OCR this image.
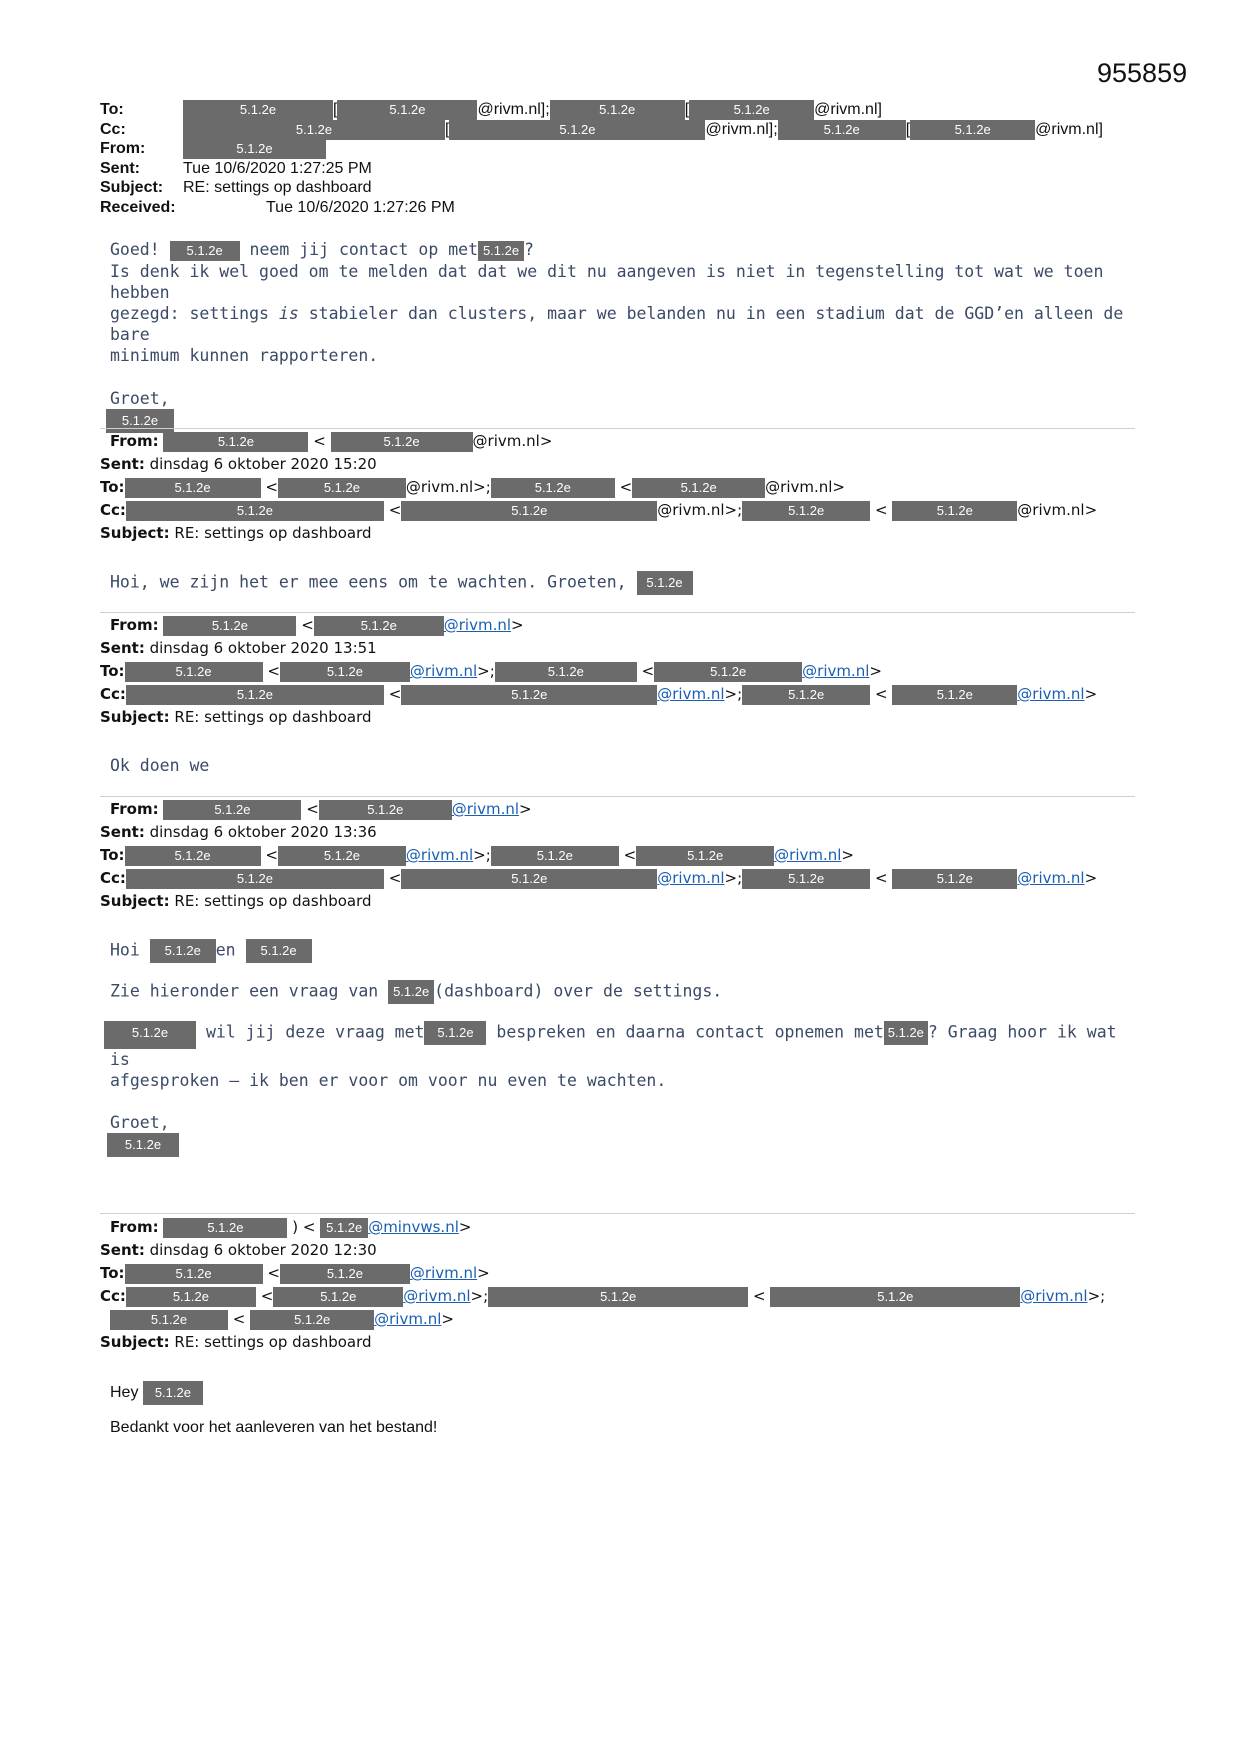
955859
To:	5.1.2e	[	5.1.2e	@rivm.nl];	5.1.2e	[	5.1.2e	@rivm.nl]
Cc:	5.1.2e	[	5.1.2e	@rivm.nl];	5.1.2e	[	5.1.2e	@rivm.nl]
From:	5.1.2e
Sent:	Tue 10/6/2020 1:27:25 PM
Subject: RE: settings op dashboard
Received:	Tue 10/6/2020 1:27:26 PM

Goed! 5.1.2e neem jij contact op met 5.1.2e ?

Is denk ik wel goed om te melden dat dat we dit nu aangeven is niet in tegenstelling tot wat we toen hebben

gezegd: settings is stabieler dan clusters, maar we belanden nu in een stadium dat de GGD’en alleen de bare

minimum kunnen rapporteren.

Groet,

5.1.2e

From:	5.1.2e	<	5.1.2e	@rivm.nl>
Sent: dinsdag 6 oktober 2020 15:20
To:	5.1.2e	<	5.1.2e	@rivm.nl>;	5.1.2e	<	5.1.2e	@rivm.nl>
Cc:	5.1.2e	<	5.1.2e	@rivm.nl>;	5.1.2e	<	5.1.2e	@rivm.nl>
Subject: RE: settings op dashboard

Hoi, we zijn het er mee eens om te wachten. Groeten, 5.1.2e

From:	5.1.2e	<	5.1.2e	@rivm.nl>
Sent: dinsdag 6 oktober 2020 13:51
To:	5.1.2e	<	5.1.2e	@rivm.nl>;	5.1.2e	<	5.1.2e	@rivm.nl>
Cc:	5.1.2e	<	5.1.2e	@rivm.nl>;	5.1.2e	<	5.1.2e	@rivm.nl>
Subject: RE: settings op dashboard

Ok doen we

From:	5.1.2e	<	5.1.2e	@rivm.nl>
Sent: dinsdag 6 oktober 2020 13:36
To:	5.1.2e	<	5.1.2e	@rivm.nl>;	5.1.2e	<	5.1.2e	@rivm.nl>
Cc:	5.1.2e	<	5.1.2e	@rivm.nl>;	5.1.2e	<	5.1.2e	@rivm.nl>
Subject: RE: settings op dashboard

Hoi 5.1.2e en 5.1.2e

Zie hieronder een vraag van 5.1.2e (dashboard) over de settings.

5.1.2e wil jij deze vraag met 5.1.2e bespreken en daarna contact opnemen met 5.1.2e ? Graag hoor ik wat is

afgesproken – ik ben er voor om voor nu even te wachten.

Groet,

5.1.2e

From:	5.1.2e	) < 5.1.2e @minvws.nl>
Sent: dinsdag 6 oktober 2020 12:30
To:	5.1.2e	<	5.1.2e	@rivm.nl>
Cc:	5.1.2e	<	5.1.2e	@rivm.nl>;	5.1.2e	<	5.1.2e	@rivm.nl>;
5.1.2e	<	5.1.2e	@rivm.nl>
Subject: RE: settings op dashboard

Hey 5.1.2e

Bedankt voor het aanleveren van het bestand!
